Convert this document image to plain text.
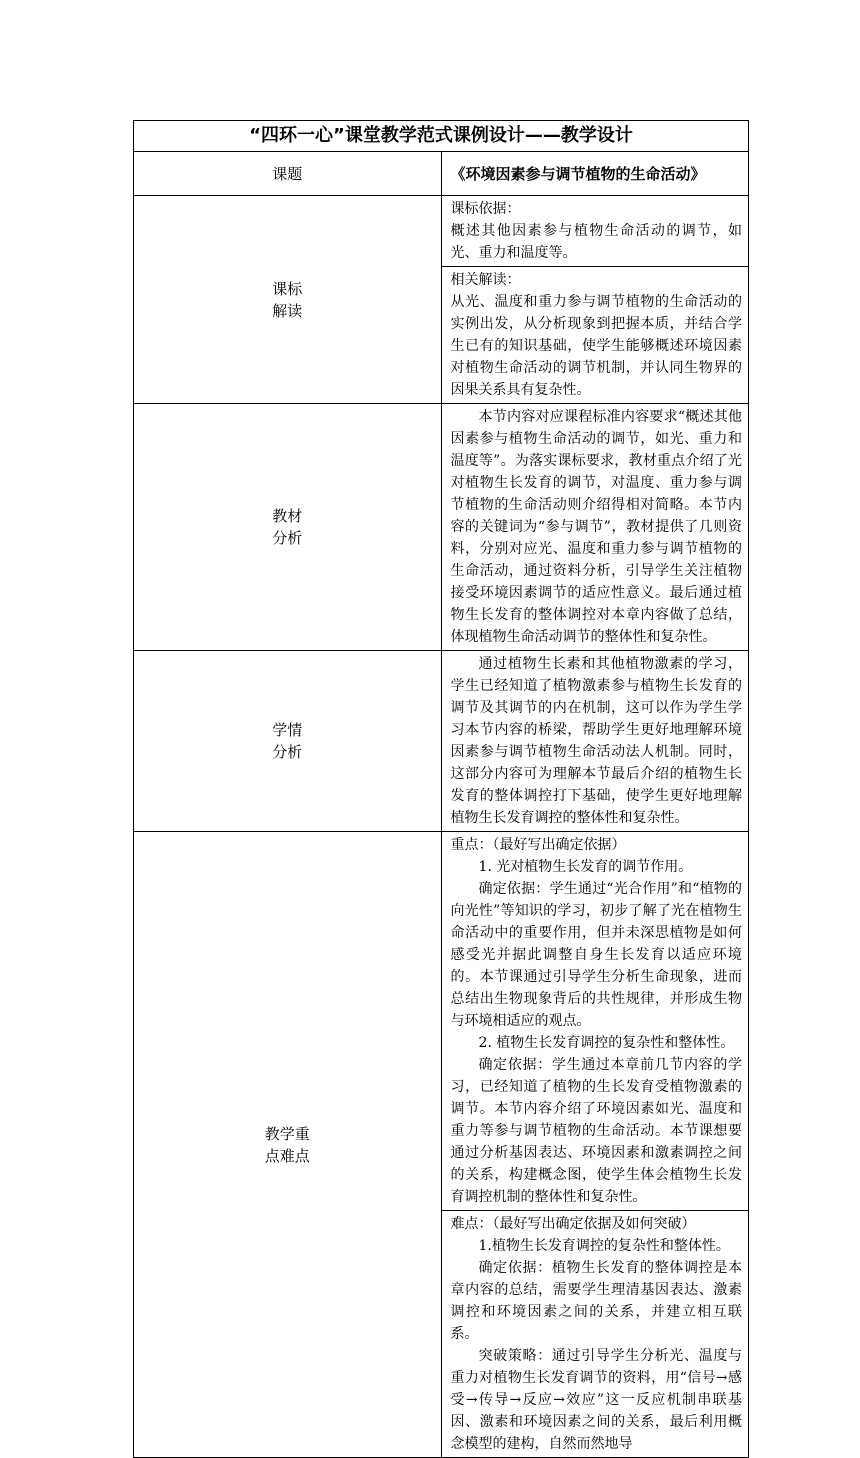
“四环一心”课堂教学范式课例设计——教学设计	
课题	《环境因素参与调节植物的生命活动》
课标解读	课标依据：

概述其他因素参与植物生命活动的调节，如光、重力和温度等。

	相关解读：

从光、温度和重力参与调节植物的生命活动的实例出发，从分析现象到把握本质，并结合学生已有的知识基础，使学生能够概述环境因素对植物生命活动的调节机制，并认同生物界的因果关系具有复杂性。

教材分析	本节内容对应课程标准内容要求“概述其他因素参与植物生命活动的调节，如光、重力和温度等”。为落实课标要求，教材重点介绍了光对植物生长发育的调节，对温度、重力参与调节植物的生命活动则介绍得相对简略。本节内容的关键词为“参与调节”，教材提供了几则资料，分别对应光、温度和重力参与调节植物的生命活动，通过资料分析，引导学生关注植物接受环境因素调节的适应性意义。最后通过植物生长发育的整体调控对本章内容做了总结，体现植物生命活动调节的整体性和复杂性。

学情分析	通过植物生长素和其他植物激素的学习，学生已经知道了植物激素参与植物生长发育的调节及其调节的内在机制，这可以作为学生学习本节内容的桥梁，帮助学生更好地理解环境因素参与调节植物生命活动法人机制。同时，这部分内容可为理解本节最后介绍的植物生长发育的整体调控打下基础，使学生更好地理解植物生长发育调控的整体性和复杂性。

教学重点难点	重点：（最好写出确定依据）

1. 光对植物生长发育的调节作用。

确定依据：学生通过“光合作用”和“植物的向光性”等知识的学习，初步了解了光在植物生命活动中的重要作用，但并未深思植物是如何感受光并据此调整自身生长发育以适应环境的。本节课通过引导学生分析生命现象，进而总结出生物现象背后的共性规律，并形成生物与环境相适应的观点。

2. 植物生长发育调控的复杂性和整体性。

确定依据：学生通过本章前几节内容的学习，已经知道了植物的生长发育受植物激素的调节。本节内容介绍了环境因素如光、温度和重力等参与调节植物的生命活动。本节课想要通过分析基因表达、环境因素和激素调控之间的关系，构建概念图，使学生体会植物生长发育调控机制的整体性和复杂性。

	难点：（最好写出确定依据及如何突破）

1.植物生长发育调控的复杂性和整体性。

确定依据：植物生长发育的整体调控是本章内容的总结，需要学生理清基因表达、激素调控和环境因素之间的关系，并建立相互联系。

突破策略：通过引导学生分析光、温度与重力对植物生长发育调节的资料，用“信号→感受→传导→反应→效应”这一反应机制串联基因、激素和环境因素之间的关系，最后利用概念模型的建构，自然而然地导
